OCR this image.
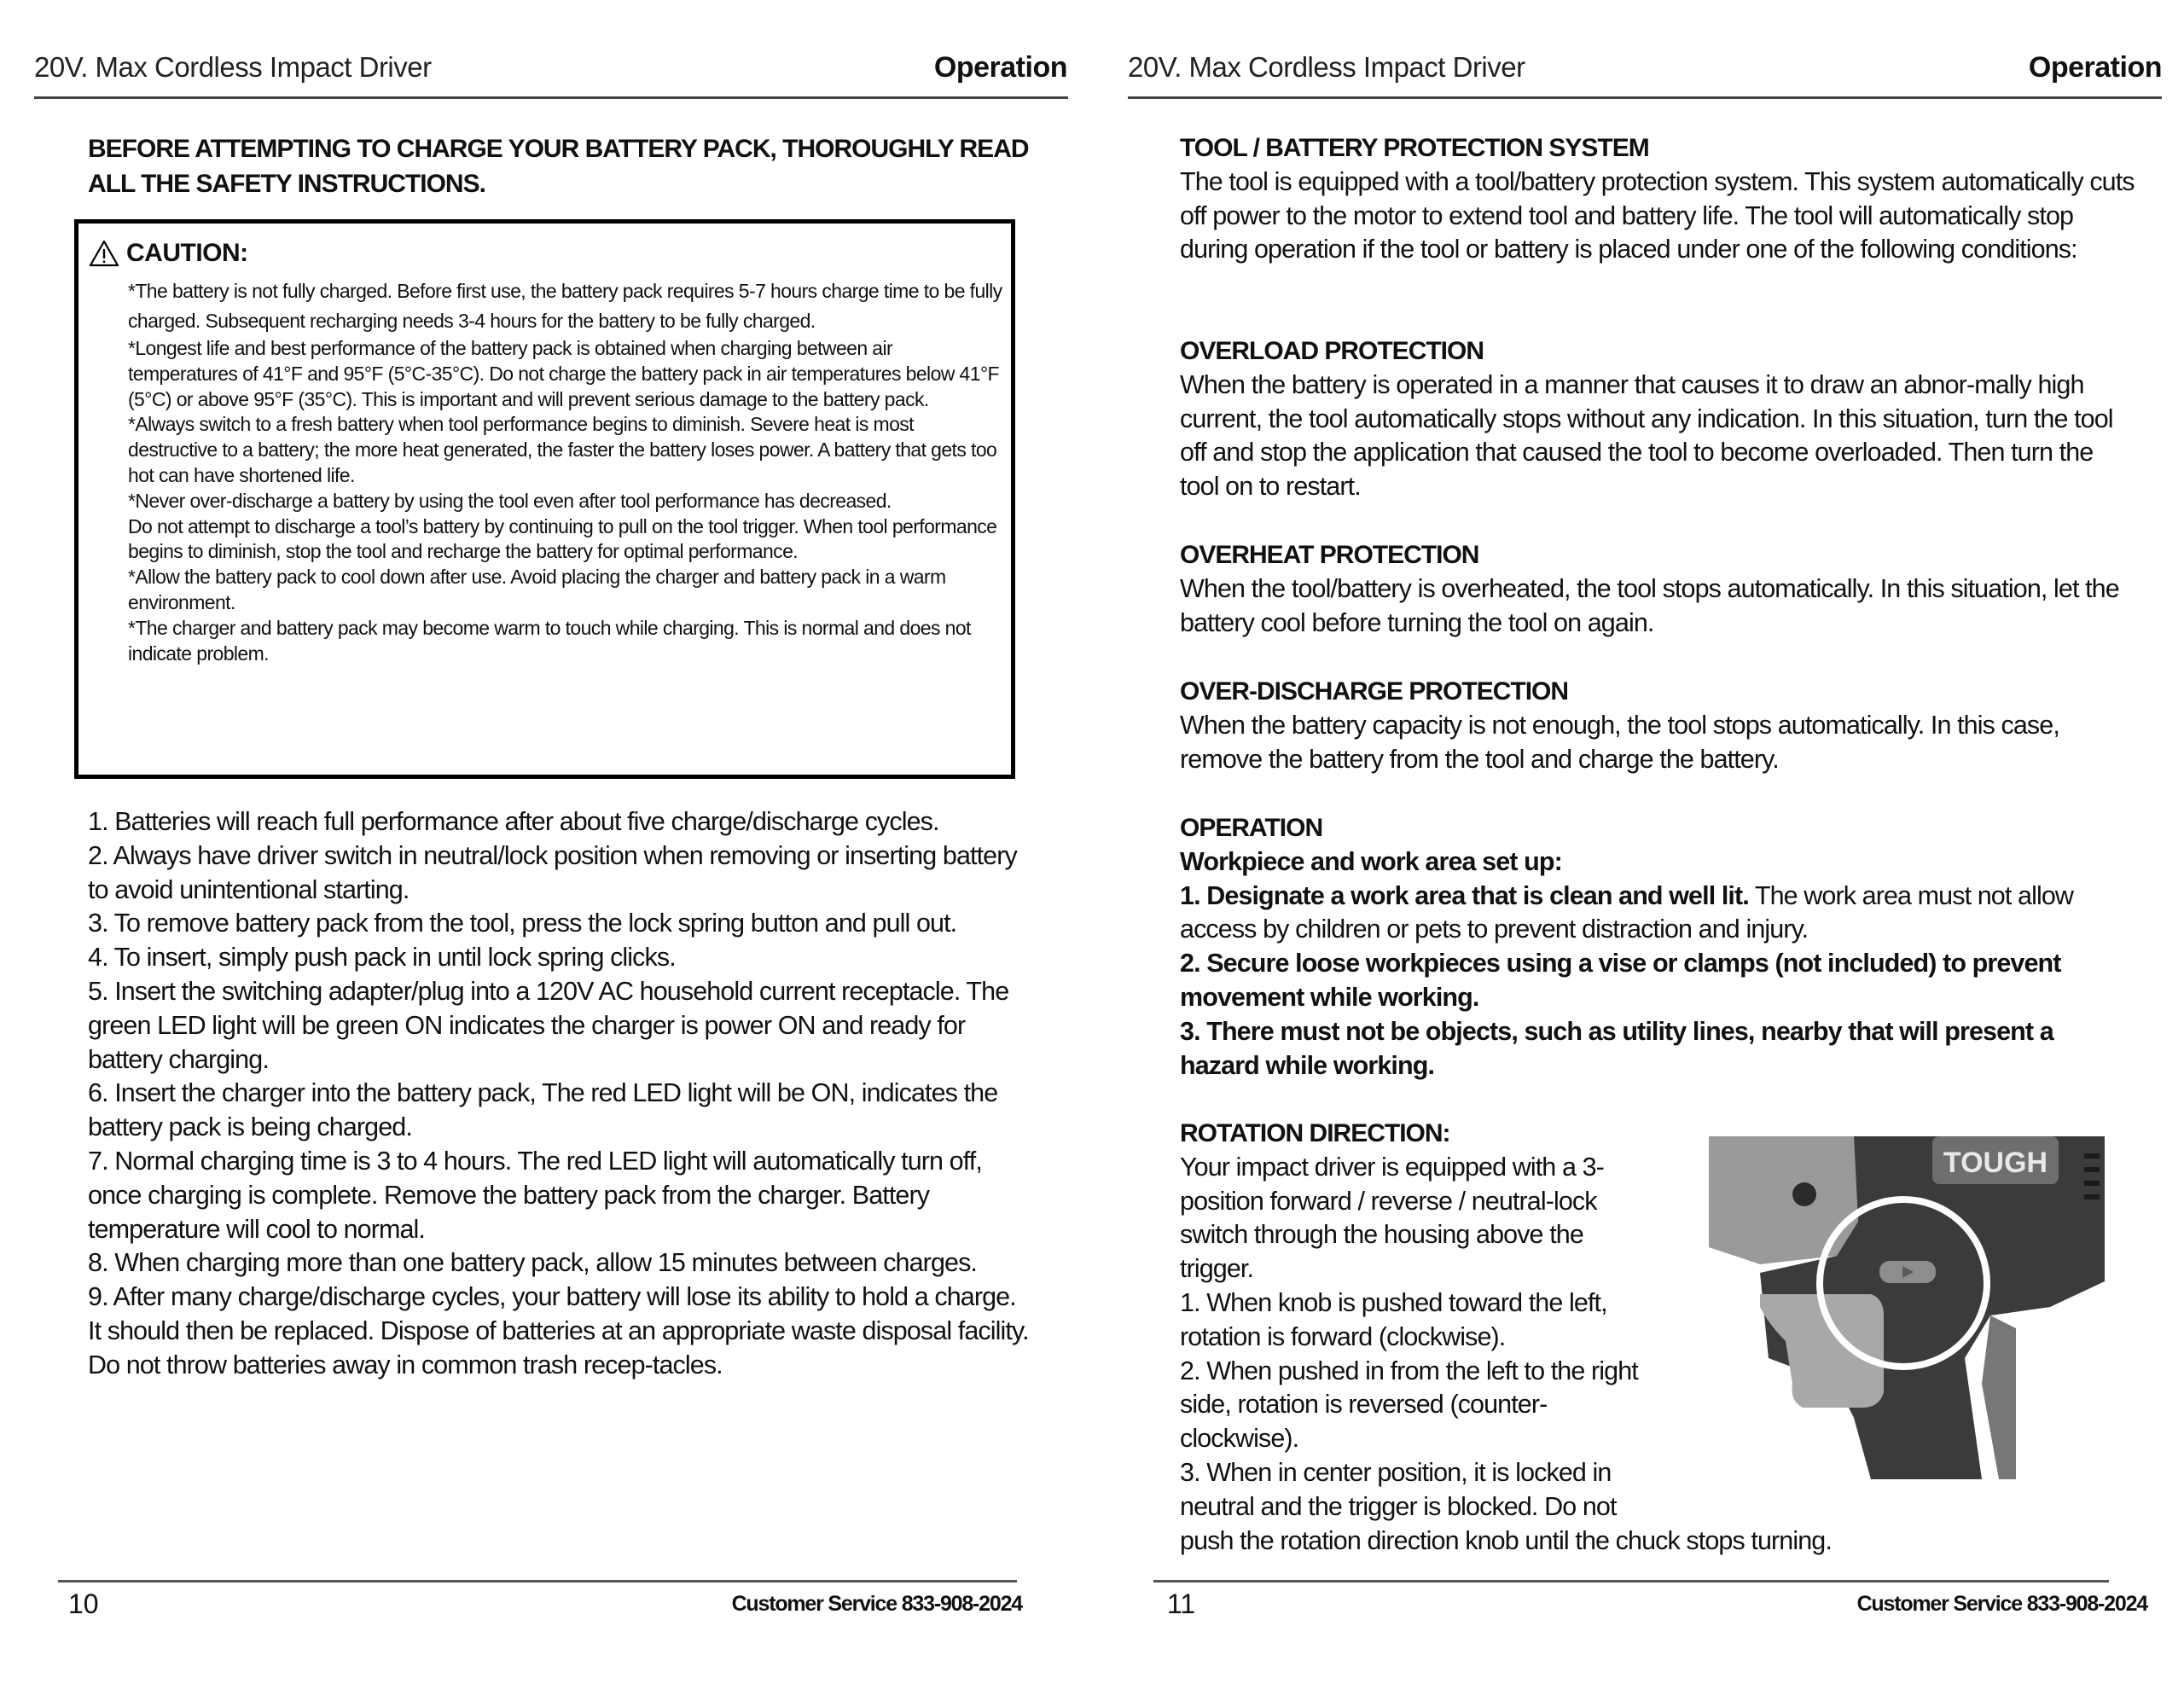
20V. Max Cordless Impact Driver	Operation
BEFORE ATTEMPTING TO CHARGE YOUR BATTERY PACK, THOROUGHLY READ ALL THE SAFETY INSTRUCTIONS.
CAUTION:

*The battery is not fully charged. Before first use, the battery pack requires 5-7 hours charge time to be fully charged. Subsequent recharging needs 3-4 hours for the battery to be fully charged.

*Longest life and best performance of the battery pack is obtained when charging between air temperatures of 41°F and 95°F (5°C-35°C). Do not charge the battery pack in air temperatures below 41°F (5°C) or above 95°F (35°C). This is important and will prevent serious damage to the battery pack.

*Always switch to a fresh battery when tool performance begins to diminish. Severe heat is most destructive to a battery; the more heat generated, the faster the battery loses power. A battery that gets too hot can have shortened life.

*Never over-discharge a battery by using the tool even after tool performance has decreased.

Do not attempt to discharge a tool’s battery by continuing to pull on the tool trigger. When tool performance begins to diminish, stop the tool and recharge the battery for optimal performance.

*Allow the battery pack to cool down after use. Avoid placing the charger and battery pack in a warm environment.

*The charger and battery pack may become warm to touch while charging. This is normal and does not indicate problem.

1. Batteries will reach full performance after about five charge/discharge cycles.

2. Always have driver switch in neutral/lock position when removing or inserting battery to avoid unintentional starting.

3. To remove battery pack from the tool, press the lock spring button and pull out.

4. To insert, simply push pack in until lock spring clicks.

5. Insert the switching adapter/plug into a 120V AC household current receptacle. The green LED light will be green ON indicates the charger is power ON and ready for battery charging.

6. Insert the charger into the battery pack, The red LED light will be ON, indicates the battery pack is being charged.

7. Normal charging time is 3 to 4 hours. The red LED light will automatically turn off, once charging is complete. Remove the battery pack from the charger. Battery temperature will cool to normal.

8. When charging more than one battery pack, allow 15 minutes between charges.

9. After many charge/discharge cycles, your battery will lose its ability to hold a charge. It should then be replaced. Dispose of batteries at an appropriate waste disposal facility. Do not throw batteries away in common trash recep-tacles.

10	Customer Service 833-908-2024
20V. Max Cordless Impact Driver	Operation

TOOL / BATTERY PROTECTION SYSTEM

The tool is equipped with a tool/battery protection system. This system automatically cuts off power to the motor to extend tool and battery life. The tool will automatically stop during operation if the tool or battery is placed under one of the following conditions:

OVERLOAD PROTECTION

When the battery is operated in a manner that causes it to draw an abnor-mally high current, the tool automatically stops without any indication. In this situation, turn the tool off and stop the application that caused the tool to become overloaded. Then turn the tool on to restart.

OVERHEAT PROTECTION

When the tool/battery is overheated, the tool stops automatically. In this situation, let the battery cool before turning the tool on again.

OVER-DISCHARGE PROTECTION

When the battery capacity is not enough, the tool stops automatically. In this case, remove the battery from the tool and charge the battery.

OPERATION

Workpiece and work area set up:

1. Designate a work area that is clean and well lit. The work area must not allow access by children or pets to prevent distraction and injury.

2. Secure loose workpieces using a vise or clamps (not included) to prevent movement while working.

3. There must not be objects, such as utility lines, nearby that will present a hazard while working.

ROTATION DIRECTION:

Your impact driver is equipped with a 3-position forward / reverse / neutral-lock switch through the housing above the trigger.

1. When knob is pushed toward the left, rotation is forward (clockwise).

2. When pushed in from the left to the right side, rotation is reversed (counter-clockwise).

3. When in center position, it is locked in neutral and the trigger is blocked. Do not

push the rotation direction knob until the chuck stops turning.

TOUGH
11	Customer Service 833-908-2024
